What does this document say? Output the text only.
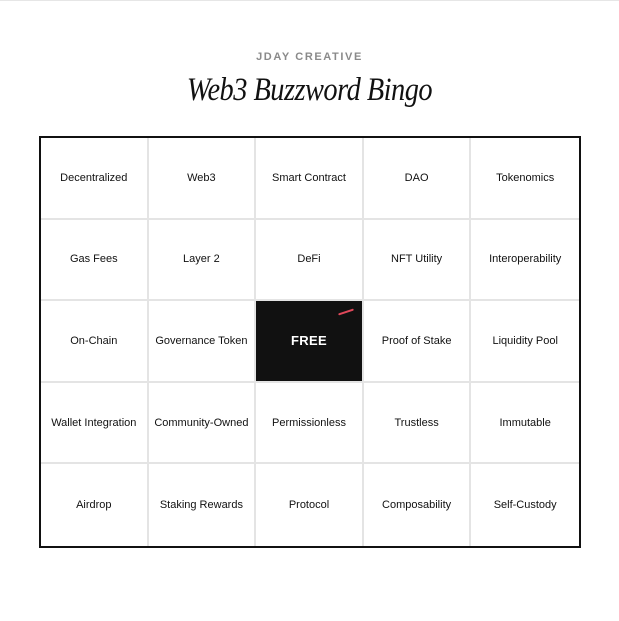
JDAY CREATIVE
Web3 Buzzword Bingo
Decentralized	Web3	Smart Contract	DAO	Tokenomics
Gas Fees	Layer 2	DeFi	NFT Utility	Interoperability
On-Chain	Governance Token	FREE	Proof of Stake	Liquidity Pool
Wallet Integration	Community-Owned	Permissionless	Trustless	Immutable
Airdrop	Staking Rewards	Protocol	Composability	Self-Custody
